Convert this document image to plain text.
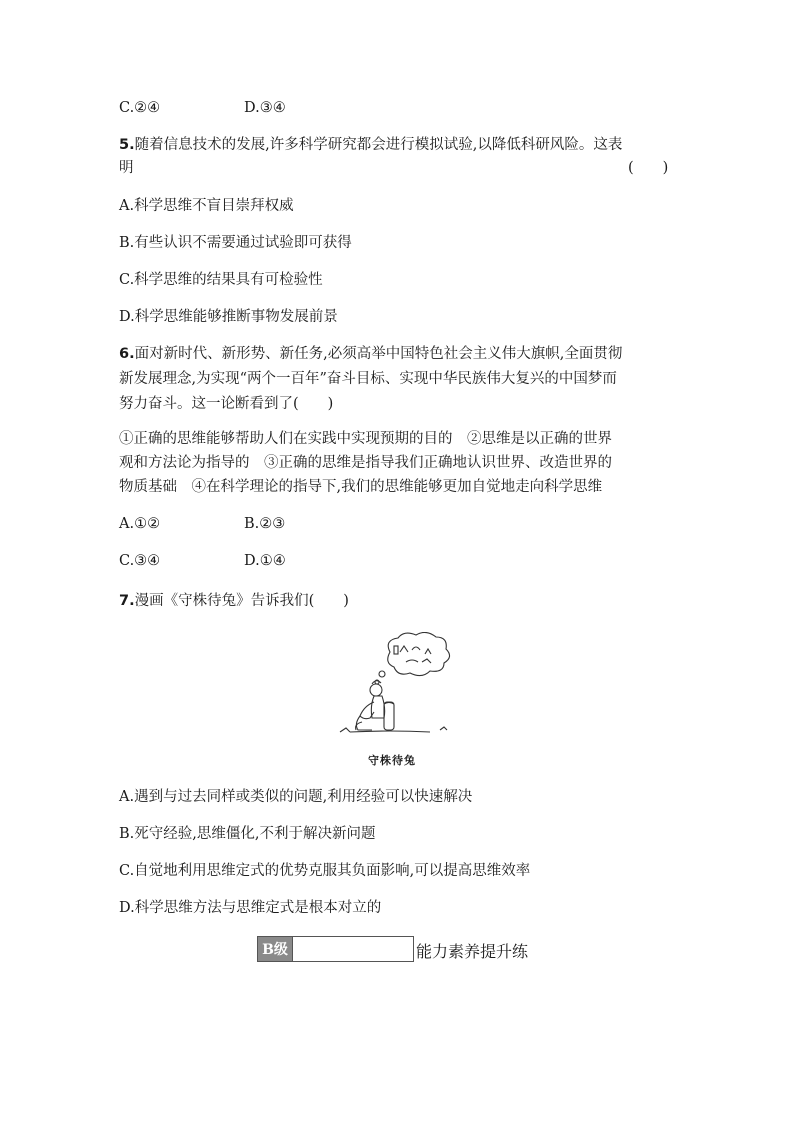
C.②④	D.③④
5.随着信息技术的发展,许多科学研究都会进行模拟试验,以降低科研风险。这表
明	(　　)
A.科学思维不盲目崇拜权威
B.有些认识不需要通过试验即可获得
C.科学思维的结果具有可检验性
D.科学思维能够推断事物发展前景
6.面对新时代、新形势、新任务,必须高举中国特色社会主义伟大旗帜,全面贯彻
新发展理念,为实现“两个一百年”奋斗目标、实现中华民族伟大复兴的中国梦而
努力奋斗。这一论断看到了(　　)
①正确的思维能够帮助人们在实践中实现预期的目的　②思维是以正确的世界
观和方法论为指导的　③正确的思维是指导我们正确地认识世界、改造世界的
物质基础　④在科学理论的指导下,我们的思维能够更加自觉地走向科学思维
A.①②	B.②③
C.③④	D.①④
7.漫画《守株待兔》告诉我们(　　)
守株待兔
A.遇到与过去同样或类似的问题,利用经验可以快速解决
B.死守经验,思维僵化,不利于解决新问题
C.自觉地利用思维定式的优势克服其负面影响,可以提高思维效率
D.科学思维方法与思维定式是根本对立的
B级	能力素养提升练
